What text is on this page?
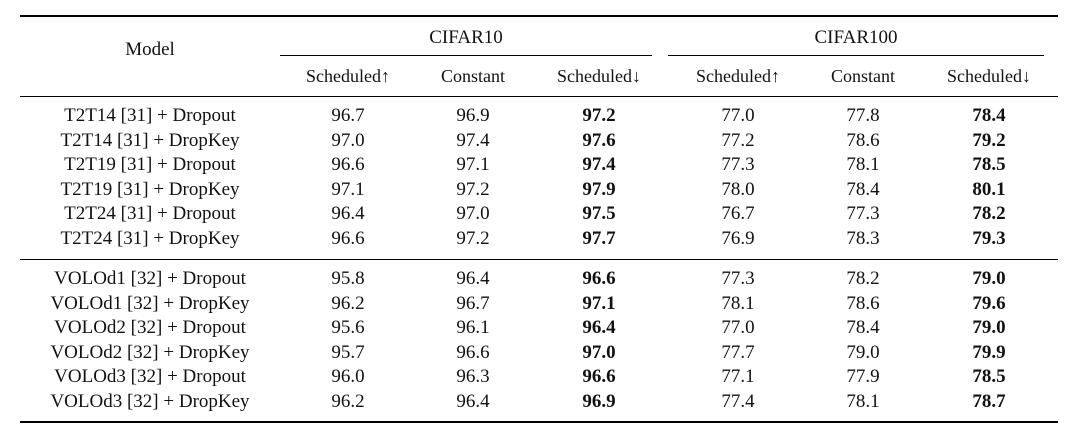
Model
CIFAR10	CIFAR100
Scheduled↑	Constant	Scheduled↓	Scheduled↑	Constant	Scheduled↓
T2T14 [31] + Dropout	96.7	96.9	97.2	77.0	77.8	78.4
T2T14 [31] + DropKey	97.0	97.4	97.6	77.2	78.6	79.2
T2T19 [31] + Dropout	96.6	97.1	97.4	77.3	78.1	78.5
T2T19 [31] + DropKey	97.1	97.2	97.9	78.0	78.4	80.1
T2T24 [31] + Dropout	96.4	97.0	97.5	76.7	77.3	78.2
T2T24 [31] + DropKey	96.6	97.2	97.7	76.9	78.3	79.3
VOLOd1 [32] + Dropout	95.8	96.4	96.6	77.3	78.2	79.0
VOLOd1 [32] + DropKey	96.2	96.7	97.1	78.1	78.6	79.6
VOLOd2 [32] + Dropout	95.6	96.1	96.4	77.0	78.4	79.0
VOLOd2 [32] + DropKey	95.7	96.6	97.0	77.7	79.0	79.9
VOLOd3 [32] + Dropout	96.0	96.3	96.6	77.1	77.9	78.5
VOLOd3 [32] + DropKey	96.2	96.4	96.9	77.4	78.1	78.7
